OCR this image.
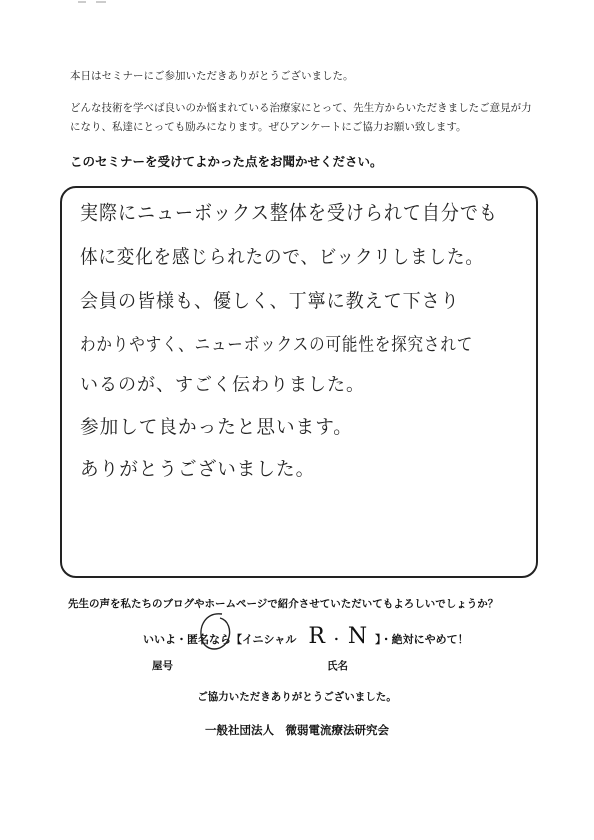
本日はセミナーにご参加いただきありがとうございました。
どんな技術を学べば良いのか悩まれている治療家にとって、先生方からいただきましたご意見が力
になり、私達にとっても励みになります。ぜひアンケートにご協力お願い致します。
このセミナーを受けてよかった点をお聞かせください。
実際にニューボックス整体を受けられて自分でも
体に変化を感じられたので、ビックリしました。
会員の皆様も、優しく、丁寧に教えて下さり
わかりやすく、ニューボックスの可能性を探究されて
いるのが、すごく伝わりました。
参加して良かったと思います。
ありがとうございました。
先生の声を私たちのブログやホームページで紹介させていただいてもよろしいでしょうか？
いいよ・匿名なら【イニシャル R ・ N 】・絶対にやめて！
屋号	氏名
ご協力いただきありがとうございました。
一般社団法人　微弱電流療法研究会
